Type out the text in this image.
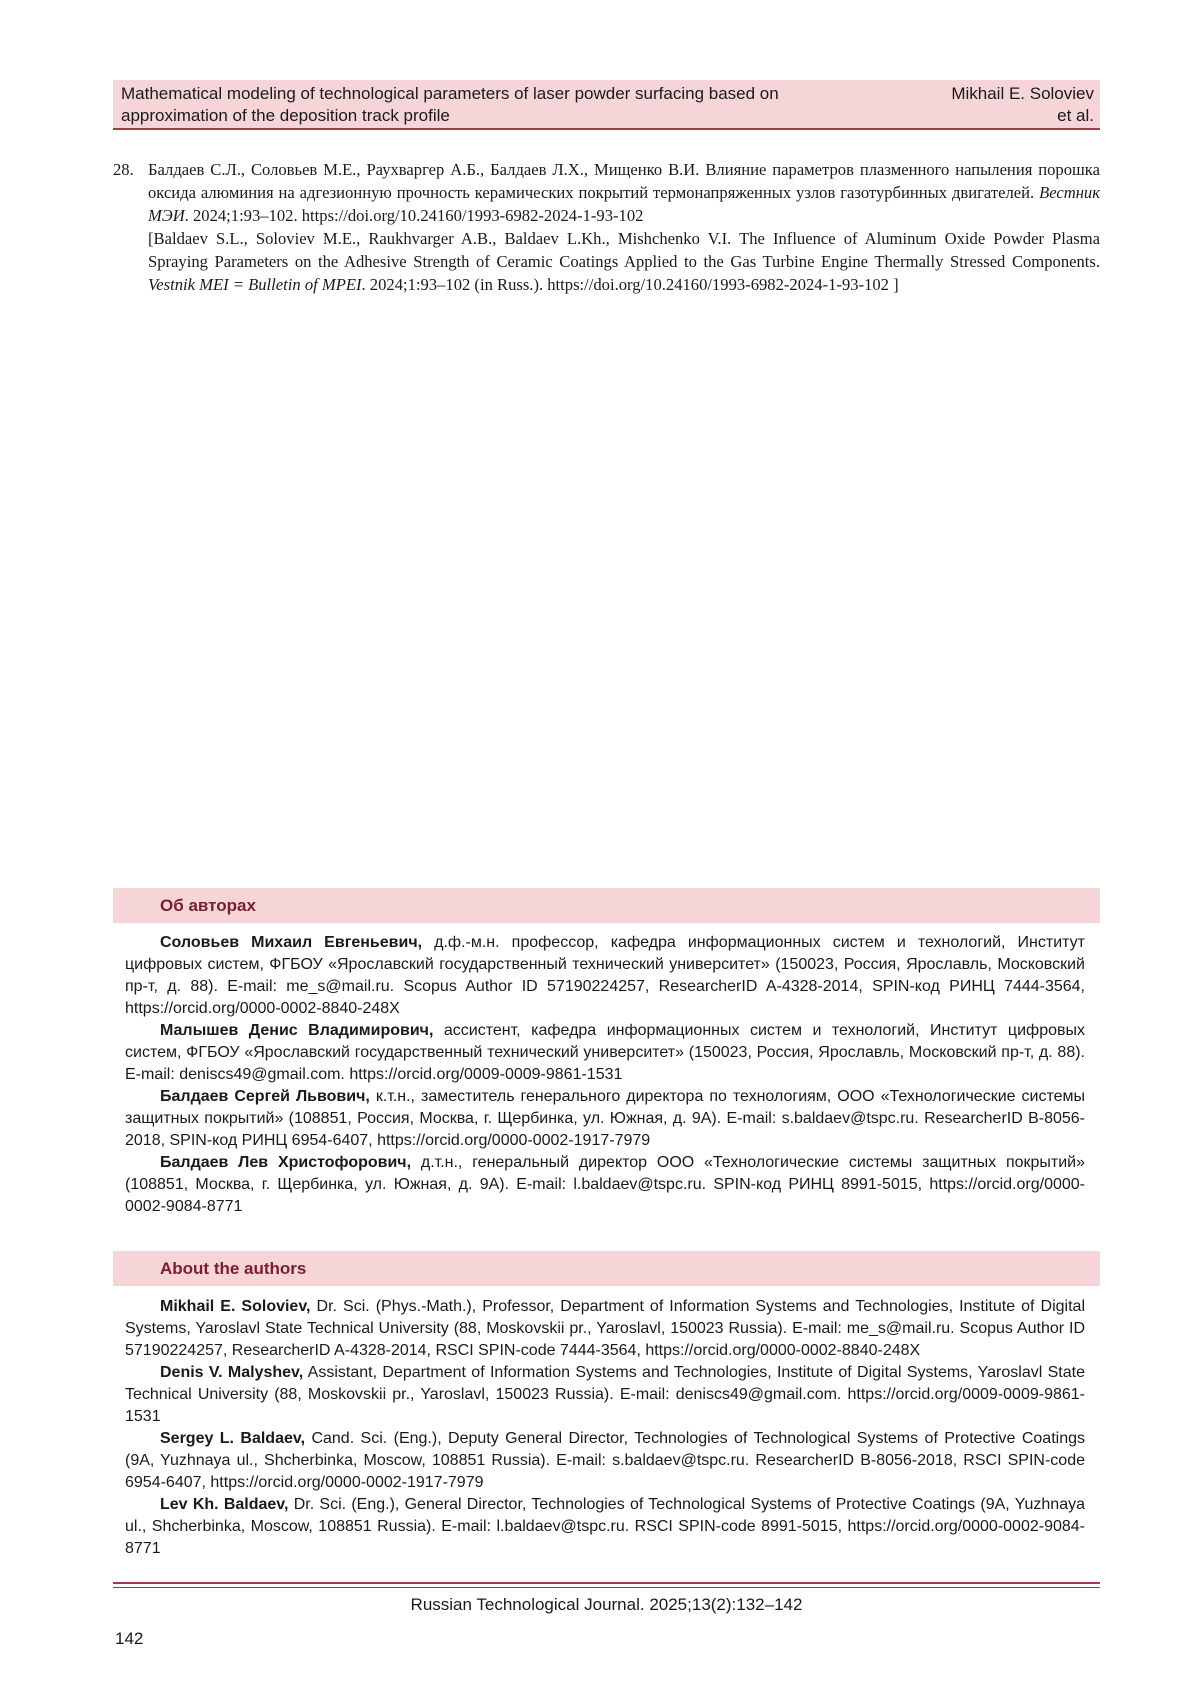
Mathematical modeling of technological parameters of laser powder surfacing based on approximation of the deposition track profile
Mikhail E. Soloviev
et al.
28. Балдаев С.Л., Соловьев М.Е., Раухваргер А.Б., Балдаев Л.Х., Мищенко В.И. Влияние параметров плазменного напыления порошка оксида алюминия на адгезионную прочность керамических покрытий термонапряженных узлов газотурбинных двигателей. Вестник МЭИ. 2024;1:93–102. https://doi.org/10.24160/1993-6982-2024-1-93-102

[Baldaev S.L., Soloviev M.E., Raukhvarger A.B., Baldaev L.Kh., Mishchenko V.I. The Influence of Aluminum Oxide Powder Plasma Spraying Parameters on the Adhesive Strength of Ceramic Coatings Applied to the Gas Turbine Engine Thermally Stressed Components. Vestnik MEI = Bulletin of MPEI. 2024;1:93–102 (in Russ.). https://doi.org/10.24160/1993-6982-2024-1-93-102 ]

Об авторах

Соловьев Михаил Евгеньевич, д.ф.-м.н. профессор, кафедра информационных систем и технологий, Институт цифровых систем, ФГБОУ «Ярославский государственный технический университет» (150023, Россия, Ярославль, Московский пр-т, д. 88). E-mail: me_s@mail.ru. Scopus Author ID 57190224257, ResearcherID A-4328-2014, SPIN-код РИНЦ 7444-3564, https://orcid.org/0000-0002-8840-248X

Малышев Денис Владимирович, ассистент, кафедра информационных систем и технологий, Институт цифровых систем, ФГБОУ «Ярославский государственный технический университет» (150023, Россия, Ярославль, Московский пр-т, д. 88). E-mail: deniscs49@gmail.com. https://orcid.org/0009-0009-9861-1531

Балдаев Сергей Львович, к.т.н., заместитель генерального директора по технологиям, ООО «Технологические системы защитных покрытий» (108851, Россия, Москва, г. Щербинка, ул. Южная, д. 9А). E-mail: s.baldaev@tspc.ru. ResearcherID B-8056-2018, SPIN-код РИНЦ 6954-6407, https://orcid.org/0000-0002-1917-7979

Балдаев Лев Христофорович, д.т.н., генеральный директор ООО «Технологические системы защитных покрытий» (108851, Москва, г. Щербинка, ул. Южная, д. 9А). E-mail: l.baldaev@tspc.ru. SPIN-код РИНЦ 8991-5015, https://orcid.org/0000-0002-9084-8771

About the authors

Mikhail E. Soloviev, Dr. Sci. (Phys.-Math.), Professor, Department of Information Systems and Technologies, Institute of Digital Systems, Yaroslavl State Technical University (88, Moskovskii pr., Yaroslavl, 150023 Russia). E-mail: me_s@mail.ru. Scopus Author ID 57190224257, ResearcherID A-4328-2014, RSCI SPIN-code 7444-3564, https://orcid.org/0000-0002-8840-248X

Denis V. Malyshev, Assistant, Department of Information Systems and Technologies, Institute of Digital Systems, Yaroslavl State Technical University (88, Moskovskii pr., Yaroslavl, 150023 Russia). E-mail: deniscs49@gmail.com. https://orcid.org/0009-0009-9861-1531

Sergey L. Baldaev, Cand. Sci. (Eng.), Deputy General Director, Technologies of Technological Systems of Protective Coatings (9A, Yuzhnaya ul., Shcherbinka, Moscow, 108851 Russia). E-mail: s.baldaev@tspc.ru. ResearcherID B-8056-2018, RSCI SPIN-code 6954-6407, https://orcid.org/0000-0002-1917-7979

Lev Kh. Baldaev, Dr. Sci. (Eng.), General Director, Technologies of Technological Systems of Protective Coatings (9A, Yuzhnaya ul., Shcherbinka, Moscow, 108851 Russia). E-mail: l.baldaev@tspc.ru. RSCI SPIN-code 8991-5015, https://orcid.org/0000-0002-9084-8771

Russian Technological Journal. 2025;13(2):132–142
142
